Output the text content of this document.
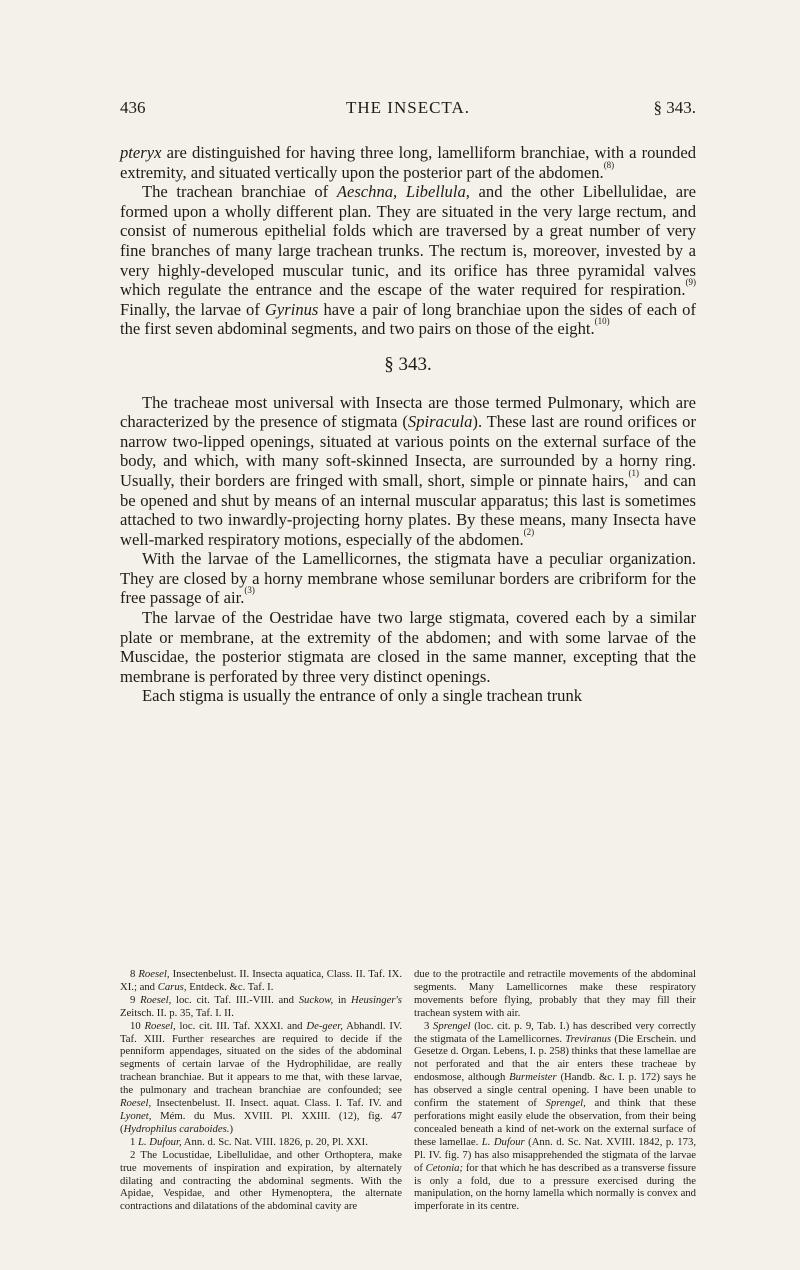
436	THE INSECTA.	§ 343.

pteryx are distinguished for having three long, lamelliform branchiae, with a rounded extremity, and situated vertically upon the posterior part of the abdomen.$^{(8)}$

The trachean branchiae of Aeschna, Libellula, and the other Libellulidae, are formed upon a wholly different plan. They are situated in the very large rectum, and consist of numerous epithelial folds which are traversed by a great number of very fine branches of many large trachean trunks. The rectum is, moreover, invested by a very highly-developed muscular tunic, and its orifice has three pyramidal valves which regulate the entrance and the escape of the water required for respiration.$^{(9)}$ Finally, the larvae of Gyrinus have a pair of long branchiae upon the sides of each of the first seven abdominal segments, and two pairs on those of the eight.$^{(10)}$

§ 343.

The tracheae most universal with Insecta are those termed Pulmonary, which are characterized by the presence of stigmata (Spiracula). These last are round orifices or narrow two-lipped openings, situated at various points on the external surface of the body, and which, with many soft-skinned Insecta, are surrounded by a horny ring. Usually, their borders are fringed with small, short, simple or pinnate hairs,$^{(1)}$ and can be opened and shut by means of an internal muscular apparatus; this last is sometimes attached to two inwardly-projecting horny plates. By these means, many Insecta have well-marked respiratory motions, especially of the abdomen.$^{(2)}$

With the larvae of the Lamellicornes, the stigmata have a peculiar organization. They are closed by a horny membrane whose semilunar borders are cribriform for the free passage of air.$^{(3)}$

The larvae of the Oestridae have two large stigmata, covered each by a similar plate or membrane, at the extremity of the abdomen; and with some larvae of the Muscidae, the posterior stigmata are closed in the same manner, excepting that the membrane is perforated by three very distinct openings.

Each stigma is usually the entrance of only a single trachean trunk

8 Roesel, Insectenbelust. II. Insecta aquatica, Class. II. Taf. IX. XI.; and Carus, Entdeck. &c. Taf. I.

9 Roesel, loc. cit. Taf. III.-VIII. and Suckow, in Heusinger's Zeitsch. II. p. 35, Taf. I. II.

10 Roesel, loc. cit. III. Taf. XXXI. and De-geer, Abhandl. IV. Taf. XIII. Further researches are required to decide if the penniform appendages, situated on the sides of the abdominal segments of certain larvae of the Hydrophilidae, are really trachean branchiae. But it appears to me that, with these larvae, the pulmonary and trachean branchiae are confounded; see Roesel, Insectenbelust. II. Insect. aquat. Class. I. Taf. IV. and Lyonet, Mém. du Mus. XVIII. Pl. XXIII. (12), fig. 47 (Hydrophilus caraboides.)

1 L. Dufour, Ann. d. Sc. Nat. VIII. 1826, p. 20, Pl. XXI.

2 The Locustidae, Libellulidae, and other Orthoptera, make true movements of inspiration and expiration, by alternately dilating and contracting the abdominal segments. With the Apidae, Vespidae, and other Hymenoptera, the alternate contractions and dilatations of the abdominal cavity are

due to the protractile and retractile movements of the abdominal segments. Many Lamellicornes make these respiratory movements before flying, probably that they may fill their trachean system with air.

3 Sprengel (loc. cit. p. 9, Tab. I.) has described very correctly the stigmata of the Lamellicornes. Treviranus (Die Erschein. und Gesetze d. Organ. Lebens, I. p. 258) thinks that these lamellae are not perforated and that the air enters these tracheae by endosmose, although Burmeister (Handb. &c. I. p. 172) says he has observed a single central opening. I have been unable to confirm the statement of Sprengel, and think that these perforations might easily elude the observation, from their being concealed beneath a kind of net-work on the external surface of these lamellae. L. Dufour (Ann. d. Sc. Nat. XVIII. 1842, p. 173, Pl. IV. fig. 7) has also misapprehended the stigmata of the larvae of Cetonia; for that which he has described as a transverse fissure is only a fold, due to a pressure exercised during the manipulation, on the horny lamella which normally is convex and imperforate in its centre.
